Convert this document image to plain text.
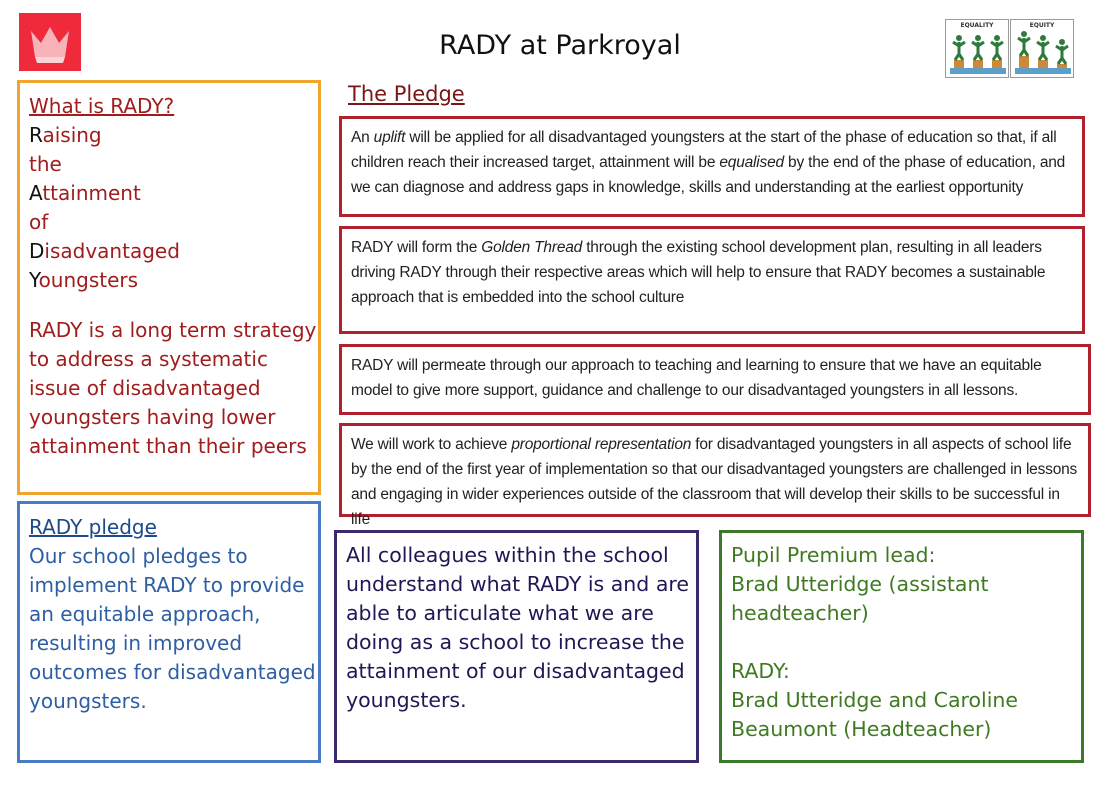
RADY at Parkroyal
EQUALITY	EQUITY
What is RADY?
Raising
the
Attainment
of
Disadvantaged
Youngsters
RADY is a long term strategy to address a systematic issue of disadvantaged youngsters having lower attainment than their peers
The Pledge
An uplift will be applied for all disadvantaged youngsters at the start of the phase of education so that, if all children reach their increased target, attainment will be equalised by the end of the phase of education, and we can diagnose and address gaps in knowledge, skills and understanding at the earliest opportunity
RADY will form the Golden Thread through the existing school development plan, resulting in all leaders driving RADY through their respective areas which will help to ensure that RADY becomes a sustainable approach that is embedded into the school culture
RADY will permeate through our approach to teaching and learning to ensure that we have an equitable model to give more support, guidance and challenge to our disadvantaged youngsters in all lessons.
We will work to achieve proportional representation for disadvantaged youngsters in all aspects of school life by the end of the first year of implementation so that our disadvantaged youngsters are challenged in lessons and engaging in wider experiences outside of the classroom that will develop their skills to be successful in life
RADY pledge
Our school pledges to implement RADY to provide an equitable approach, resulting in improved outcomes for disadvantaged youngsters.
All colleagues within the school understand what RADY is and are able to articulate what we are doing as a school to increase the attainment of our disadvantaged youngsters.
Pupil Premium lead:
Brad Utteridge (assistant headteacher)
RADY:
Brad Utteridge and Caroline Beaumont (Headteacher)
